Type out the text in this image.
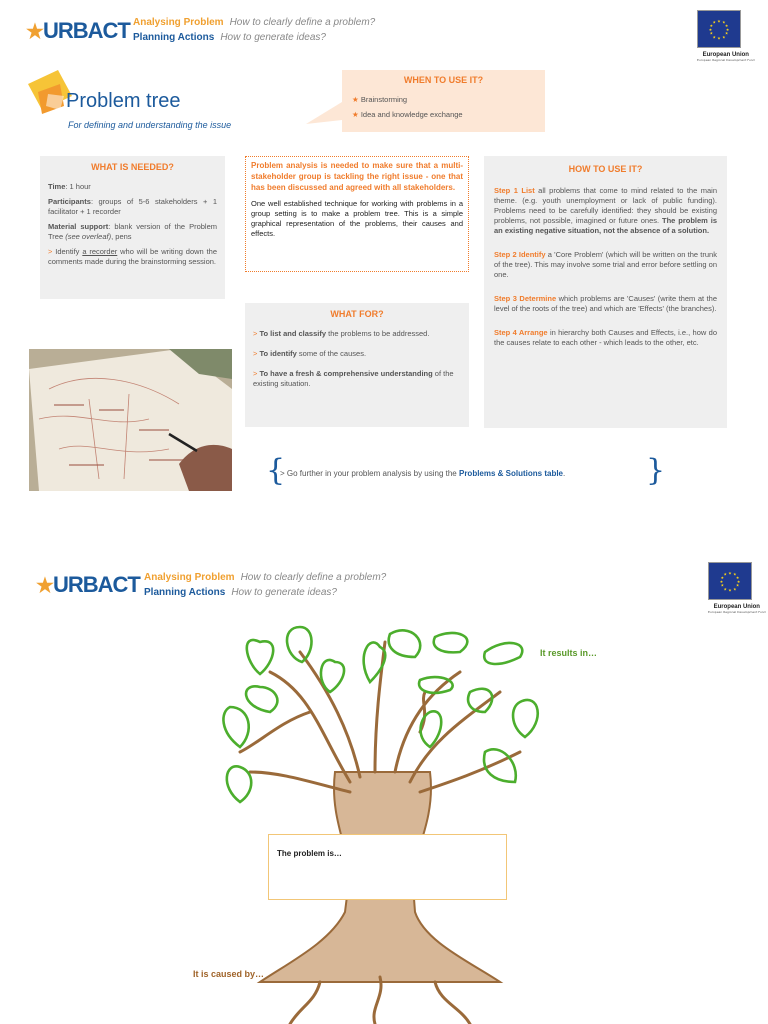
★URBACT Analysing Problem How to clearly define a problem?
Planning Actions How to generate ideas?
★ ★
★
★
★
★
★
★
★
★
★
★
European Union
European Regional Development Fund
Problem tree
For defining and understanding the issue
WHEN TO USE IT?
★ Brainstorming
★ Idea and knowledge exchange
WHAT IS NEEDED?
Time: 1 hour
Participants: groups of 5-6 stakeholders + 1 facilitator + 1 recorder
Material support: blank version of the Problem Tree (see overleaf), pens
> Identify a recorder who will be writing down the comments made during the brainstorming session.
Problem analysis is needed to make sure that a multi-stakeholder group is tackling the right issue - one that has been discussed and agreed with all stakeholders.
One well established technique for working with problems in a group setting is to make a problem tree. This is a simple graphical representation of the problems, their causes and effects.
HOW TO USE IT?
Step 1 List all problems that come to mind related to the main theme. (e.g. youth unemployment or lack of public funding). Problems need to be carefully identified: they should be existing problems, not possible, imagined or future ones. The problem is an existing negative situation, not the absence of a solution.
Step 2 Identify a 'Core Problem' (which will be written on the trunk of the tree). This may involve some trial and error before settling on one.
Step 3 Determine which problems are 'Causes' (write them at the level of the roots of the tree) and which are 'Effects' (the branches).
Step 4 Arrange in hierarchy both Causes and Effects, i.e., how do the causes relate to each other - which leads to the other, etc.
WHAT FOR?
> To list and classify the problems to be addressed.
> To identify some of the causes.
> To have a fresh & comprehensive understanding of the existing situation.
{
> Go further in your problem analysis by using the Problems & Solutions table.	}
★URBACT Analysing Problem How to clearly define a problem?
Planning Actions How to generate ideas?
★ ★
★
★
★
★
★
★
★
★
★
★
European Union
European Regional Development Fund
It results in…
The problem is…
It is caused by…
